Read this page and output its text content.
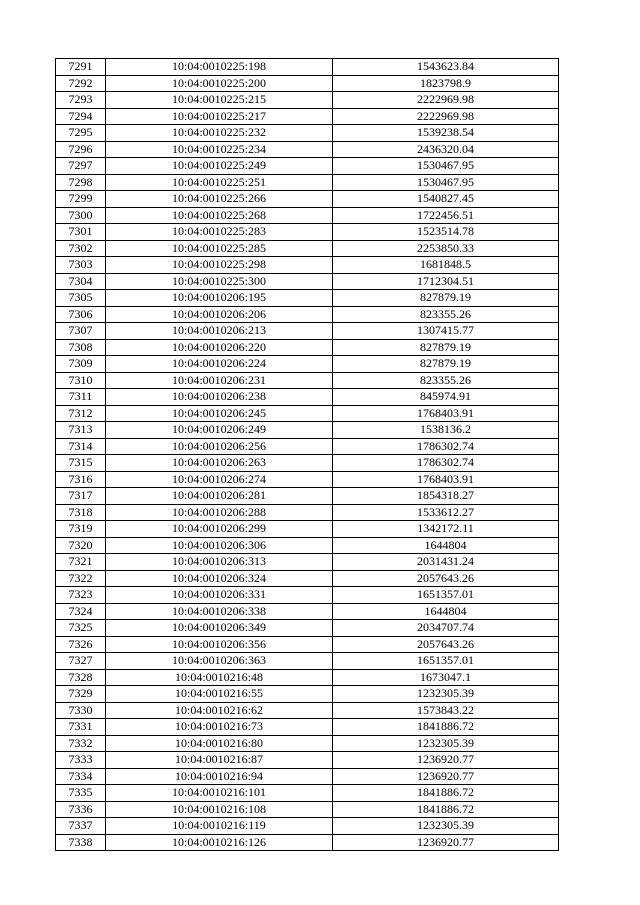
7291	10:04:0010225:198	1543623.84
7292	10:04:0010225:200	1823798.9
7293	10:04:0010225:215	2222969.98
7294	10:04:0010225:217	2222969.98
7295	10:04:0010225:232	1539238.54
7296	10:04:0010225:234	2436320.04
7297	10:04:0010225:249	1530467.95
7298	10:04:0010225:251	1530467.95
7299	10:04:0010225:266	1540827.45
7300	10:04:0010225:268	1722456.51
7301	10:04:0010225:283	1523514.78
7302	10:04:0010225:285	2253850.33
7303	10:04:0010225:298	1681848.5
7304	10:04:0010225:300	1712304.51
7305	10:04:0010206:195	827879.19
7306	10:04:0010206:206	823355.26
7307	10:04:0010206:213	1307415.77
7308	10:04:0010206:220	827879.19
7309	10:04:0010206:224	827879.19
7310	10:04:0010206:231	823355.26
7311	10:04:0010206:238	845974.91
7312	10:04:0010206:245	1768403.91
7313	10:04:0010206:249	1538136.2
7314	10:04:0010206:256	1786302.74
7315	10:04:0010206:263	1786302.74
7316	10:04:0010206:274	1768403.91
7317	10:04:0010206:281	1854318.27
7318	10:04:0010206:288	1533612.27
7319	10:04:0010206:299	1342172.11
7320	10:04:0010206:306	1644804
7321	10:04:0010206:313	2031431.24
7322	10:04:0010206:324	2057643.26
7323	10:04:0010206:331	1651357.01
7324	10:04:0010206:338	1644804
7325	10:04:0010206:349	2034707.74
7326	10:04:0010206:356	2057643.26
7327	10:04:0010206:363	1651357.01
7328	10:04:0010216:48	1673047.1
7329	10:04:0010216:55	1232305.39
7330	10:04:0010216:62	1573843.22
7331	10:04:0010216:73	1841886.72
7332	10:04:0010216:80	1232305.39
7333	10:04:0010216:87	1236920.77
7334	10:04:0010216:94	1236920.77
7335	10:04:0010216:101	1841886.72
7336	10:04:0010216:108	1841886.72
7337	10:04:0010216:119	1232305.39
7338	10:04:0010216:126	1236920.77
